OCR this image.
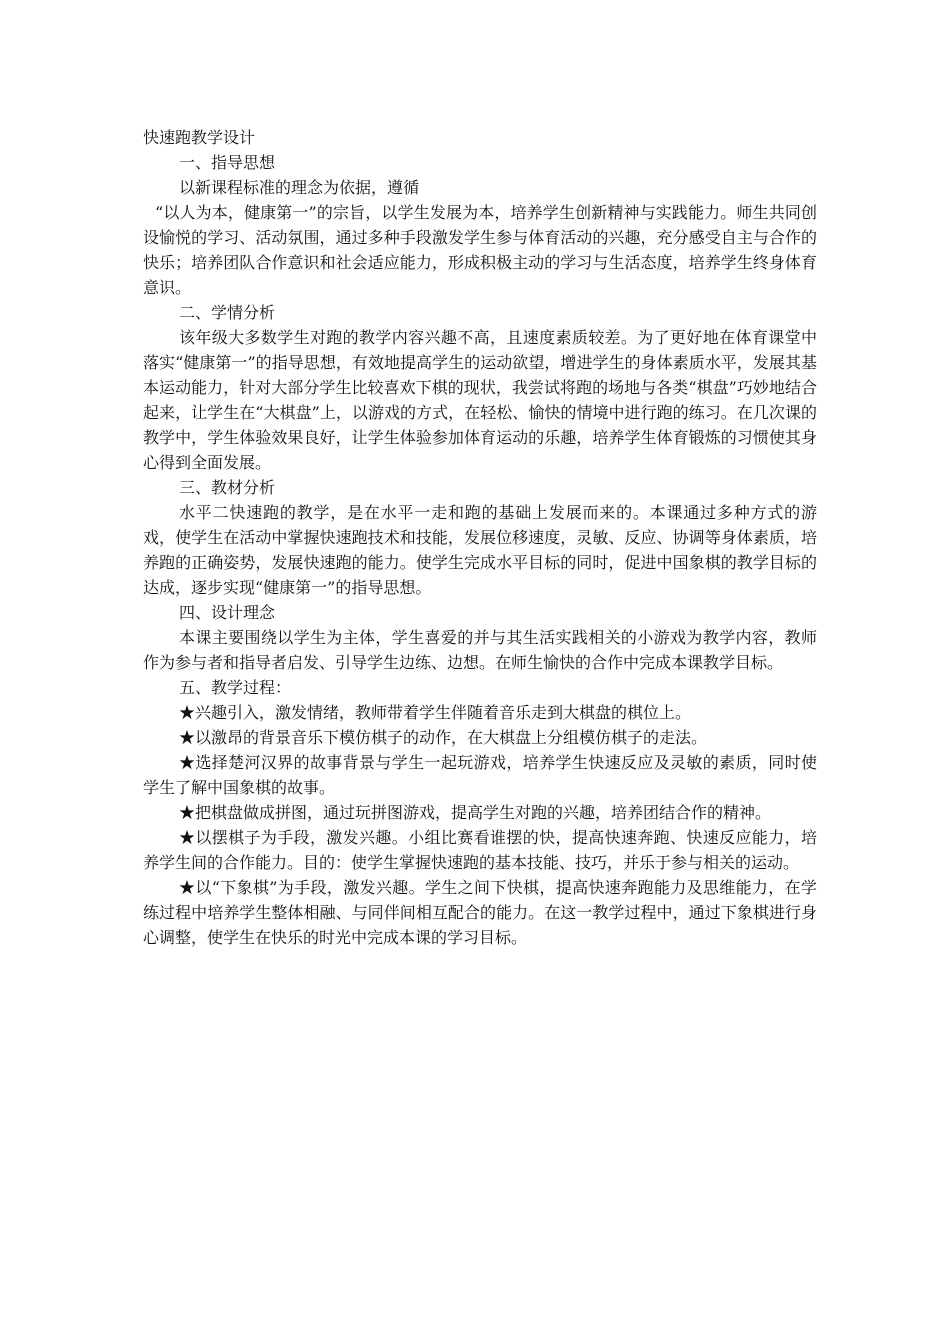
快速跑教学设计

一、指导思想

以新课程标准的理念为依据，遵循

“以人为本，健康第一”的宗旨，以学生发展为本，培养学生创新精神与实践能力。师生共同创设愉悦的学习、活动氛围，通过多种手段激发学生参与体育活动的兴趣，充分感受自主与合作的快乐；培养团队合作意识和社会适应能力，形成积极主动的学习与生活态度，培养学生终身体育意识。

二、学情分析

该年级大多数学生对跑的教学内容兴趣不高，且速度素质较差。为了更好地在体育课堂中落实“健康第一”的指导思想，有效地提高学生的运动欲望，增进学生的身体素质水平，发展其基本运动能力，针对大部分学生比较喜欢下棋的现状，我尝试将跑的场地与各类“棋盘”巧妙地结合起来，让学生在“大棋盘”上，以游戏的方式，在轻松、愉快的情境中进行跑的练习。在几次课的教学中，学生体验效果良好，让学生体验参加体育运动的乐趣，培养学生体育锻炼的习惯使其身心得到全面发展。

三、教材分析

水平二快速跑的教学，是在水平一走和跑的基础上发展而来的。本课通过多种方式的游戏，使学生在活动中掌握快速跑技术和技能，发展位移速度，灵敏、反应、协调等身体素质，培养跑的正确姿势，发展快速跑的能力。使学生完成水平目标的同时，促进中国象棋的教学目标的达成，逐步实现“健康第一”的指导思想。

四、设计理念

本课主要围绕以学生为主体，学生喜爱的并与其生活实践相关的小游戏为教学内容，教师作为参与者和指导者启发、引导学生边练、边想。在师生愉快的合作中完成本课教学目标。

五、教学过程：

★兴趣引入，激发情绪，教师带着学生伴随着音乐走到大棋盘的棋位上。

★以激昂的背景音乐下模仿棋子的动作，在大棋盘上分组模仿棋子的走法。

★选择楚河汉界的故事背景与学生一起玩游戏，培养学生快速反应及灵敏的素质，同时使学生了解中国象棋的故事。

★把棋盘做成拼图，通过玩拼图游戏，提高学生对跑的兴趣，培养团结合作的精神。

★以摆棋子为手段，激发兴趣。小组比赛看谁摆的快，提高快速奔跑、快速反应能力，培养学生间的合作能力。目的：使学生掌握快速跑的基本技能、技巧，并乐于参与相关的运动。

★以“下象棋”为手段，激发兴趣。学生之间下快棋，提高快速奔跑能力及思维能力，在学练过程中培养学生整体相融、与同伴间相互配合的能力。在这一教学过程中，通过下象棋进行身心调整，使学生在快乐的时光中完成本课的学习目标。
